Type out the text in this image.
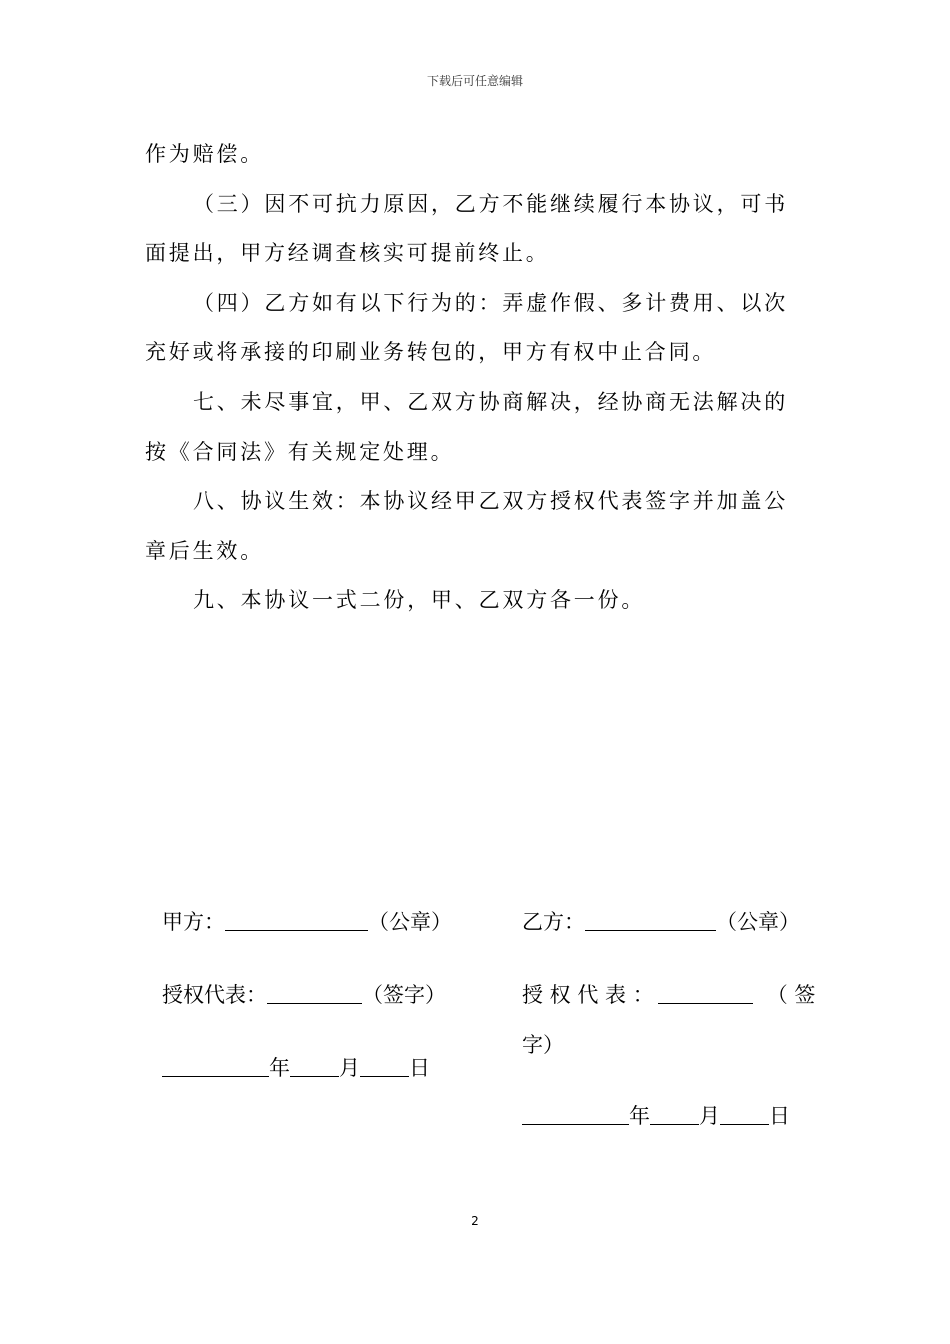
下载后可任意编辑

作为赔偿。

（三）因不可抗力原因，乙方不能继续履行本协议，可书面提出，甲方经调查核实可提前终止。

（四）乙方如有以下行为的：弄虚作假、多计费用、以次充好或将承接的印刷业务转包的，甲方有权中止合同。

七、未尽事宜，甲、乙双方协商解决，经协商无法解决的按《合同法》有关规定处理。

八、协议生效：本协议经甲乙双方授权代表签字并加盖公章后生效。

九、本协议一式二份，甲、乙双方各一份。

甲方：	（公章）
授权代表：	（签字）
年 月 日
乙方：	（公章）
授 权 代 表 ：	（ 签
字）
年 月 日
2
